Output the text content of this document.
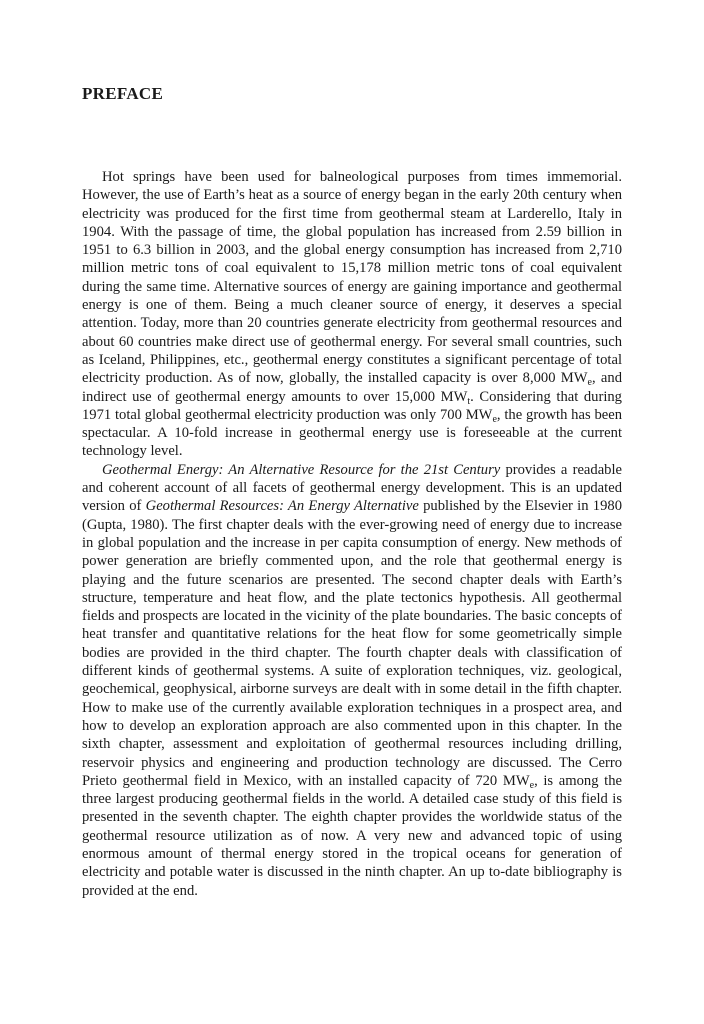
PREFACE

Hot springs have been used for balneological purposes from times immemorial. However, the use of Earth’s heat as a source of energy began in the early 20th century when electricity was produced for the first time from geothermal steam at Larderello, Italy in 1904. With the passage of time, the global population has increased from 2.59 billion in 1951 to 6.3 billion in 2003, and the global energy consumption has increased from 2,710 million metric tons of coal equivalent to 15,178 million metric tons of coal equivalent during the same time. Alternative sources of energy are gaining importance and geothermal energy is one of them. Being a much cleaner source of energy, it deserves a special attention. Today, more than 20 countries generate electricity from geothermal resources and about 60 countries make direct use of geothermal energy. For several small countries, such as Iceland, Philippines, etc., geothermal energy constitutes a significant percentage of total electricity production. As of now, globally, the installed capacity is over 8,000 $MW_e$, and indirect use of geothermal energy amounts to over 15,000 $MW_t$. Considering that during 1971 total global geothermal electricity production was only 700 $MW_e$, the growth has been spectacular. A 10-fold increase in geothermal energy use is foreseeable at the current technology level.

Geothermal Energy: An Alternative Resource for the 21st Century provides a readable and coherent account of all facets of geothermal energy development. This is an updated version of Geothermal Resources: An Energy Alternative published by the Elsevier in 1980 (Gupta, 1980). The first chapter deals with the ever-growing need of energy due to increase in global population and the increase in per capita consumption of energy. New methods of power generation are briefly commented upon, and the role that geothermal energy is playing and the future scenarios are presented. The second chapter deals with Earth’s structure, temperature and heat flow, and the plate tectonics hypothesis. All geothermal fields and prospects are located in the vicinity of the plate boundaries. The basic concepts of heat transfer and quantitative relations for the heat flow for some geometrically simple bodies are provided in the third chapter. The fourth chapter deals with classification of different kinds of geothermal systems. A suite of exploration techniques, viz. geological, geochemical, geophysical, airborne surveys are dealt with in some detail in the fifth chapter. How to make use of the currently available exploration techniques in a prospect area, and how to develop an exploration approach are also commented upon in this chapter. In the sixth chapter, assessment and exploitation of geothermal resources including drilling, reservoir physics and engineering and production technology are discussed. The Cerro Prieto geothermal field in Mexico, with an installed capacity of 720 $MW_e$, is among the three largest producing geothermal fields in the world. A detailed case study of this field is presented in the seventh chapter. The eighth chapter provides the worldwide status of the geothermal resource utilization as of now. A very new and advanced topic of using enormous amount of thermal energy stored in the tropical oceans for generation of electricity and potable water is discussed in the ninth chapter. An up to-date bibliography is provided at the end.
